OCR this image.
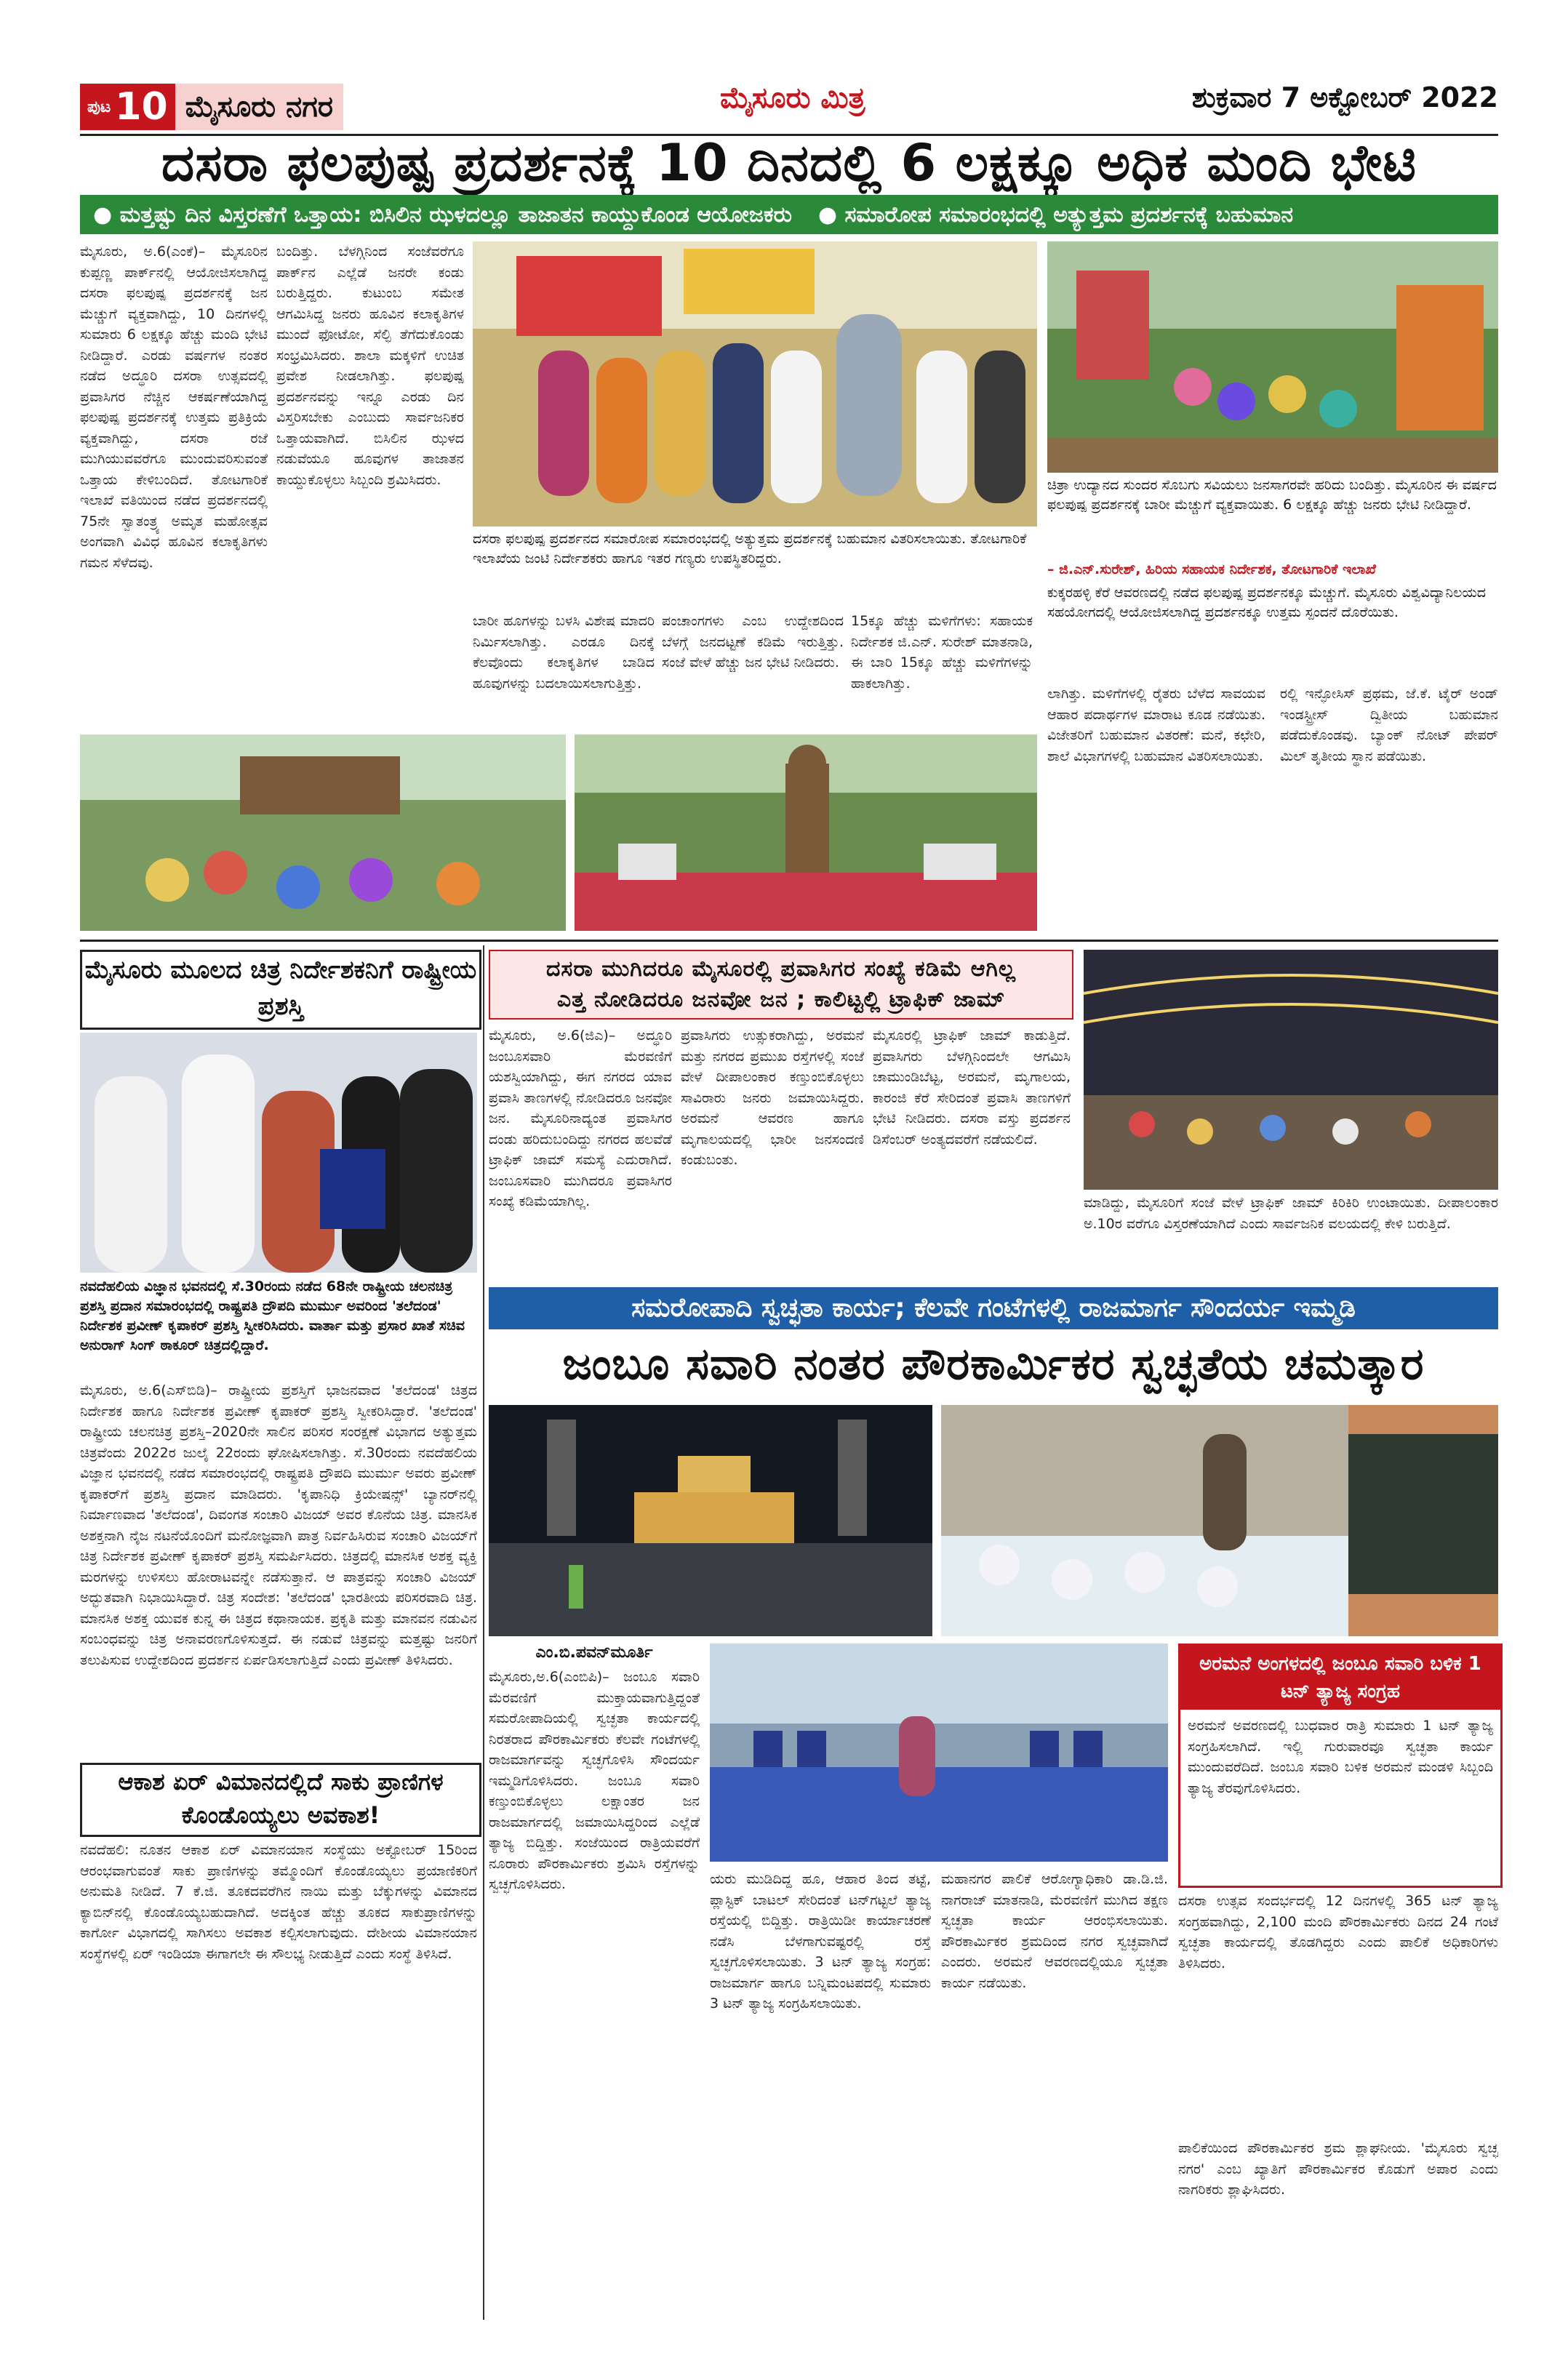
ಪುಟ 10 ಮೈಸೂರು ನಗರ	ಮೈಸೂರು ಮಿತ್ರ	ಶುಕ್ರವಾರ 7 ಅಕ್ಟೋಬರ್ 2022
ದಸರಾ ಫಲಪುಷ್ಪ ಪ್ರದರ್ಶನಕ್ಕೆ 10 ದಿನದಲ್ಲಿ 6 ಲಕ್ಷಕ್ಕೂ ಅಧಿಕ ಮಂದಿ ಭೇಟಿ
● ಮತ್ತಷ್ಟು ದಿನ ವಿಸ್ತರಣೆಗೆ ಒತ್ತಾಯ: ಬಿಸಿಲಿನ ಝಳದಲ್ಲೂ ತಾಜಾತನ ಕಾಯ್ದುಕೊಂಡ ಆಯೋಜಕರು	● ಸಮಾರೋಪ ಸಮಾರಂಭದಲ್ಲಿ ಅತ್ಯುತ್ತಮ ಪ್ರದರ್ಶನಕ್ಕೆ ಬಹುಮಾನ
ಮೈಸೂರು, ಅ.6(ಎಂಕೆ)– ಮೈಸೂರಿನ ಕುಪ್ಪಣ್ಣ ಪಾರ್ಕ್‌ನಲ್ಲಿ ಆಯೋಜಿಸಲಾಗಿದ್ದ ದಸರಾ ಫಲಪುಷ್ಪ ಪ್ರದರ್ಶನಕ್ಕೆ ಜನ ಮೆಚ್ಚುಗೆ ವ್ಯಕ್ತವಾಗಿದ್ದು, 10 ದಿನಗಳಲ್ಲಿ ಸುಮಾರು 6 ಲಕ್ಷಕ್ಕೂ ಹೆಚ್ಚು ಮಂದಿ ಭೇಟಿ ನೀಡಿದ್ದಾರೆ. ಎರಡು ವರ್ಷಗಳ ನಂತರ ನಡೆದ ಅದ್ಧೂರಿ ದಸರಾ ಉತ್ಸವದಲ್ಲಿ ಪ್ರವಾಸಿಗರ ನೆಚ್ಚಿನ ಆಕರ್ಷಣೆಯಾಗಿದ್ದ ಫಲಪುಷ್ಪ ಪ್ರದರ್ಶನಕ್ಕೆ ಉತ್ತಮ ಪ್ರತಿಕ್ರಿಯೆ ವ್ಯಕ್ತವಾಗಿದ್ದು, ದಸರಾ ರಜೆ ಮುಗಿಯುವವರೆಗೂ ಮುಂದುವರಿಸುವಂತೆ ಒತ್ತಾಯ ಕೇಳಿಬಂದಿದೆ. ತೋಟಗಾರಿಕೆ ಇಲಾಖೆ ವತಿಯಿಂದ ನಡೆದ ಪ್ರದರ್ಶನದಲ್ಲಿ 75ನೇ ಸ್ವಾತಂತ್ರ್ಯ ಅಮೃತ ಮಹೋತ್ಸವ ಅಂಗವಾಗಿ ವಿವಿಧ ಹೂವಿನ ಕಲಾಕೃತಿಗಳು ಗಮನ ಸೆಳೆದವು.
ಬಂದಿತ್ತು. ಬೆಳಗ್ಗಿನಿಂದ ಸಂಜೆವರೆಗೂ ಪಾರ್ಕ್‌ನ ಎಲ್ಲೆಡೆ ಜನರೇ ಕಂಡು ಬರುತ್ತಿದ್ದರು. ಕುಟುಂಬ ಸಮೇತ ಆಗಮಿಸಿದ್ದ ಜನರು ಹೂವಿನ ಕಲಾಕೃತಿಗಳ ಮುಂದೆ ಫೋಟೋ, ಸೆಲ್ಫಿ ತೆಗೆದುಕೊಂಡು ಸಂಭ್ರಮಿಸಿದರು. ಶಾಲಾ ಮಕ್ಕಳಿಗೆ ಉಚಿತ ಪ್ರವೇಶ ನೀಡಲಾಗಿತ್ತು. ಫಲಪುಷ್ಪ ಪ್ರದರ್ಶನವನ್ನು ಇನ್ನೂ ಎರಡು ದಿನ ವಿಸ್ತರಿಸಬೇಕು ಎಂಬುದು ಸಾರ್ವಜನಿಕರ ಒತ್ತಾಯವಾಗಿದೆ. ಬಿಸಿಲಿನ ಝಳದ ನಡುವೆಯೂ ಹೂವುಗಳ ತಾಜಾತನ ಕಾಯ್ದುಕೊಳ್ಳಲು ಸಿಬ್ಬಂದಿ ಶ್ರಮಿಸಿದರು.	ಚಿತ್ರಾ ಉದ್ಯಾನದ ಸುಂದರ ಸೊಬಗು ಸವಿಯಲು ಜನಸಾಗರವೇ ಹರಿದು ಬಂದಿತ್ತು. ಮೈಸೂರಿನ ಈ ವರ್ಷದ ಫಲಪುಷ್ಪ ಪ್ರದರ್ಶನಕ್ಕೆ ಬಾರೀ ಮೆಚ್ಚುಗೆ ವ್ಯಕ್ತವಾಯಿತು. 6 ಲಕ್ಷಕ್ಕೂ ಹೆಚ್ಚು ಜನರು ಭೇಟಿ ನೀಡಿದ್ದಾರೆ.
– ಜಿ.ಎನ್.ಸುರೇಶ್, ಹಿರಿಯ ಸಹಾಯಕ ನಿರ್ದೇಶಕ, ತೋಟಗಾರಿಕೆ ಇಲಾಖೆ
ಕುಕ್ಕರಹಳ್ಳಿ ಕೆರೆ ಆವರಣದಲ್ಲಿ ನಡೆದ ಫಲಪುಷ್ಪ ಪ್ರದರ್ಶನಕ್ಕೂ ಮೆಚ್ಚುಗೆ. ಮೈಸೂರು ವಿಶ್ವವಿದ್ಯಾನಿಲಯದ ಸಹಯೋಗದಲ್ಲಿ ಆಯೋಜಿಸಲಾಗಿದ್ದ ಪ್ರದರ್ಶನಕ್ಕೂ ಉತ್ತಮ ಸ್ಪಂದನೆ ದೊರೆಯಿತು.
ದಸರಾ ಫಲಪುಷ್ಪ ಪ್ರದರ್ಶನದ ಸಮಾರೋಪ ಸಮಾರಂಭದಲ್ಲಿ ಅತ್ಯುತ್ತಮ ಪ್ರದರ್ಶನಕ್ಕೆ ಬಹುಮಾನ ವಿತರಿಸಲಾಯಿತು. ತೋಟಗಾರಿಕೆ ಇಲಾಖೆಯ ಜಂಟಿ ನಿರ್ದೇಶಕರು ಹಾಗೂ ಇತರ ಗಣ್ಯರು ಉಪಸ್ಥಿತರಿದ್ದರು.
ಬಾರೀ ಹೂಗಳನ್ನು ಬಳಸಿ ವಿಶೇಷ ಮಾದರಿ ನಿರ್ಮಿಸಲಾಗಿತ್ತು. ಎರಡೂ ದಿನಕ್ಕೆ ಕೆಲವೊಂದು ಕಲಾಕೃತಿಗಳ ಬಾಡಿದ ಹೂವುಗಳನ್ನು ಬದಲಾಯಿಸಲಾಗುತ್ತಿತ್ತು.
ಪಂಚಾಂಗಗಳು ಎಂಬ ಉದ್ದೇಶದಿಂದ ಬೆಳಗ್ಗೆ ಜನದಟ್ಟಣೆ ಕಡಿಮೆ ಇರುತ್ತಿತ್ತು. ಸಂಜೆ ವೇಳೆ ಹೆಚ್ಚು ಜನ ಭೇಟಿ ನೀಡಿದರು.
15ಕ್ಕೂ ಹೆಚ್ಚು ಮಳಿಗೆಗಳು: ಸಹಾಯಕ ನಿರ್ದೇಶಕ ಜಿ.ಎನ್. ಸುರೇಶ್ ಮಾತನಾಡಿ, ಈ ಬಾರಿ 15ಕ್ಕೂ ಹೆಚ್ಚು ಮಳಿಗೆಗಳನ್ನು ಹಾಕಲಾಗಿತ್ತು.
ಲಾಗಿತ್ತು. ಮಳಿಗೆಗಳಲ್ಲಿ ರೈತರು ಬೆಳೆದ ಸಾವಯವ ಆಹಾರ ಪದಾರ್ಥಗಳ ಮಾರಾಟ ಕೂಡ ನಡೆಯಿತು. ವಿಜೇತರಿಗೆ ಬಹುಮಾನ ವಿತರಣೆ: ಮನೆ, ಕಛೇರಿ, ಶಾಲೆ ವಿಭಾಗಗಳಲ್ಲಿ ಬಹುಮಾನ ವಿತರಿಸಲಾಯಿತು.
ರಲ್ಲಿ ಇನ್ಫೋಸಿಸ್ ಪ್ರಥಮ, ಜೆ.ಕೆ. ಟೈರ್ ಅಂಡ್ ಇಂಡಸ್ಟ್ರೀಸ್ ದ್ವಿತೀಯ ಬಹುಮಾನ ಪಡೆದುಕೊಂಡವು. ಬ್ಯಾಂಕ್ ನೋಟ್ ಪೇಪರ್ ಮಿಲ್ ತೃತೀಯ ಸ್ಥಾನ ಪಡೆಯಿತು.
ಮೈಸೂರು ಮೂಲದ ಚಿತ್ರ ನಿರ್ದೇಶಕನಿಗೆ ರಾಷ್ಟ್ರೀಯ ಪ್ರಶಸ್ತಿ
ನವದೆಹಲಿಯ ವಿಜ್ಞಾನ ಭವನದಲ್ಲಿ ಸೆ.30ರಂದು ನಡೆದ 68ನೇ ರಾಷ್ಟ್ರೀಯ ಚಲನಚಿತ್ರ ಪ್ರಶಸ್ತಿ ಪ್ರದಾನ ಸಮಾರಂಭದಲ್ಲಿ ರಾಷ್ಟ್ರಪತಿ ದ್ರೌಪದಿ ಮುರ್ಮು ಅವರಿಂದ 'ತಲೆದಂಡ' ನಿರ್ದೇಶಕ ಪ್ರವೀಣ್ ಕೃಪಾಕರ್ ಪ್ರಶಸ್ತಿ ಸ್ವೀಕರಿಸಿದರು. ವಾರ್ತಾ ಮತ್ತು ಪ್ರಸಾರ ಖಾತೆ ಸಚಿವ ಅನುರಾಗ್ ಸಿಂಗ್ ಠಾಕೂರ್ ಚಿತ್ರದಲ್ಲಿದ್ದಾರೆ.
ಮೈಸೂರು, ಅ.6(ಎಸ್‌ಬಿಡಿ)– ರಾಷ್ಟ್ರೀಯ ಪ್ರಶಸ್ತಿಗೆ ಭಾಜನವಾದ 'ತಲೆದಂಡ' ಚಿತ್ರದ ನಿರ್ದೇಶಕ ಹಾಗೂ ನಿರ್ದೇಶಕ ಪ್ರವೀಣ್ ಕೃಪಾಕರ್ ಪ್ರಶಸ್ತಿ ಸ್ವೀಕರಿಸಿದ್ದಾರೆ. 'ತಲೆದಂಡ' ರಾಷ್ಟ್ರೀಯ ಚಲನಚಿತ್ರ ಪ್ರಶಸ್ತಿ–2020ನೇ ಸಾಲಿನ ಪರಿಸರ ಸಂರಕ್ಷಣೆ ವಿಭಾಗದ ಅತ್ಯುತ್ತಮ ಚಿತ್ರವೆಂದು 2022ರ ಜುಲೈ 22ರಂದು ಘೋಷಿಸಲಾಗಿತ್ತು. ಸೆ.30ರಂದು ನವದೆಹಲಿಯ ವಿಜ್ಞಾನ ಭವನದಲ್ಲಿ ನಡೆದ ಸಮಾರಂಭದಲ್ಲಿ ರಾಷ್ಟ್ರಪತಿ ದ್ರೌಪದಿ ಮುರ್ಮು ಅವರು ಪ್ರವೀಣ್ ಕೃಪಾಕರ್‌ಗೆ ಪ್ರಶಸ್ತಿ ಪ್ರದಾನ ಮಾಡಿದರು. 'ಕೃಪಾನಿಧಿ ಕ್ರಿಯೇಷನ್ಸ್' ಬ್ಯಾನರ್‌ನಲ್ಲಿ ನಿರ್ಮಾಣವಾದ 'ತಲೆದಂಡ', ದಿವಂಗತ ಸಂಚಾರಿ ವಿಜಯ್ ಅವರ ಕೊನೆಯ ಚಿತ್ರ. ಮಾನಸಿಕ ಅಶಕ್ತನಾಗಿ ನೈಜ ನಟನೆಯೊಂದಿಗೆ ಮನೋಜ್ಞವಾಗಿ ಪಾತ್ರ ನಿರ್ವಹಿಸಿರುವ ಸಂಚಾರಿ ವಿಜಯ್‌ಗೆ ಚಿತ್ರ ನಿರ್ದೇಶಕ ಪ್ರವೀಣ್ ಕೃಪಾಕರ್ ಪ್ರಶಸ್ತಿ ಸಮರ್ಪಿಸಿದರು. ಚಿತ್ರದಲ್ಲಿ ಮಾನಸಿಕ ಅಶಕ್ತ ವ್ಯಕ್ತಿ ಮರಗಳನ್ನು ಉಳಿಸಲು ಹೋರಾಟವನ್ನೇ ನಡೆಸುತ್ತಾನೆ. ಆ ಪಾತ್ರವನ್ನು ಸಂಚಾರಿ ವಿಜಯ್ ಅದ್ಭುತವಾಗಿ ನಿಭಾಯಿಸಿದ್ದಾರೆ. ಚಿತ್ರ ಸಂದೇಶ: 'ತಲೆದಂಡ' ಭಾರತೀಯ ಪರಿಸರವಾದಿ ಚಿತ್ರ. ಮಾನಸಿಕ ಅಶಕ್ತ ಯುವಕ ಕುನ್ನ ಈ ಚಿತ್ರದ ಕಥಾನಾಯಕ. ಪ್ರಕೃತಿ ಮತ್ತು ಮಾನವನ ನಡುವಿನ ಸಂಬಂಧವನ್ನು ಚಿತ್ರ ಅನಾವರಣಗೊಳಿಸುತ್ತದೆ. ಈ ನಡುವೆ ಚಿತ್ರವನ್ನು ಮತ್ತಷ್ಟು ಜನರಿಗೆ ತಲುಪಿಸುವ ಉದ್ದೇಶದಿಂದ ಪ್ರದರ್ಶನ ಏರ್ಪಡಿಸಲಾಗುತ್ತಿದೆ ಎಂದು ಪ್ರವೀಣ್ ತಿಳಿಸಿದರು.
ದಸರಾ ಮುಗಿದರೂ ಮೈಸೂರಲ್ಲಿ ಪ್ರವಾಸಿಗರ ಸಂಖ್ಯೆ ಕಡಿಮೆ ಆಗಿಲ್ಲ
ಎತ್ತ ನೋಡಿದರೂ ಜನವೋ ಜನ ; ಕಾಲಿಟ್ಟಲ್ಲಿ ಟ್ರಾಫಿಕ್ ಜಾಮ್
ಮೈಸೂರು, ಅ.6(ಜಿಎ)– ಅದ್ಧೂರಿ ಜಂಬೂಸವಾರಿ ಮೆರವಣಿಗೆ ಯಶಸ್ವಿಯಾಗಿದ್ದು, ಈಗ ನಗರದ ಯಾವ ಪ್ರವಾಸಿ ತಾಣಗಳಲ್ಲಿ ನೋಡಿದರೂ ಜನವೋ ಜನ. ಮೈಸೂರಿನಾದ್ಯಂತ ಪ್ರವಾಸಿಗರ ದಂಡು ಹರಿದುಬಂದಿದ್ದು ನಗರದ ಹಲವೆಡೆ ಟ್ರಾಫಿಕ್ ಜಾಮ್ ಸಮಸ್ಯೆ ಎದುರಾಗಿದೆ. ಜಂಬೂಸವಾರಿ ಮುಗಿದರೂ ಪ್ರವಾಸಿಗರ ಸಂಖ್ಯೆ ಕಡಿಮೆಯಾಗಿಲ್ಲ.
ಪ್ರವಾಸಿಗರು ಉತ್ಸುಕರಾಗಿದ್ದು, ಅರಮನೆ ಮತ್ತು ನಗರದ ಪ್ರಮುಖ ರಸ್ತೆಗಳಲ್ಲಿ ಸಂಜೆ ವೇಳೆ ದೀಪಾಲಂಕಾರ ಕಣ್ತುಂಬಿಕೊಳ್ಳಲು ಸಾವಿರಾರು ಜನರು ಜಮಾಯಿಸಿದ್ದರು. ಅರಮನೆ ಆವರಣ ಹಾಗೂ ಮೃಗಾಲಯದಲ್ಲಿ ಭಾರೀ ಜನಸಂದಣಿ ಕಂಡುಬಂತು.
ಮೈಸೂರಲ್ಲಿ ಟ್ರಾಫಿಕ್ ಜಾಮ್ ಕಾಡುತ್ತಿದೆ. ಪ್ರವಾಸಿಗರು ಬೆಳಗ್ಗಿನಿಂದಲೇ ಆಗಮಿಸಿ ಚಾಮುಂಡಿಬೆಟ್ಟ, ಅರಮನೆ, ಮೃಗಾಲಯ, ಕಾರಂಜಿ ಕೆರೆ ಸೇರಿದಂತೆ ಪ್ರವಾಸಿ ತಾಣಗಳಿಗೆ ಭೇಟಿ ನೀಡಿದರು. ದಸರಾ ವಸ್ತು ಪ್ರದರ್ಶನ ಡಿಸೆಂಬರ್ ಅಂತ್ಯದವರೆಗೆ ನಡೆಯಲಿದೆ.
ಮಾಡಿದ್ದು, ಮೈಸೂರಿಗೆ ಸಂಜೆ ವೇಳೆ ಟ್ರಾಫಿಕ್ ಜಾಮ್ ಕಿರಿಕಿರಿ ಉಂಟಾಯಿತು. ದೀಪಾಲಂಕಾರ ಅ.10ರ ವರೆಗೂ ವಿಸ್ತರಣೆಯಾಗಿದೆ ಎಂದು ಸಾರ್ವಜನಿಕ ವಲಯದಲ್ಲಿ ಕೇಳಿ ಬರುತ್ತಿದೆ.
ಸಮರೋಪಾದಿ ಸ್ವಚ್ಛತಾ ಕಾರ್ಯ; ಕೆಲವೇ ಗಂಟೆಗಳಲ್ಲಿ ರಾಜಮಾರ್ಗ ಸೌಂದರ್ಯ ಇಮ್ಮಡಿ
ಜಂಬೂ ಸವಾರಿ ನಂತರ ಪೌರಕಾರ್ಮಿಕರ ಸ್ವಚ್ಛತೆಯ ಚಮತ್ಕಾರ
ಎಂ.ಬಿ.ಪವನ್‌ಮೂರ್ತಿ
ಮೈಸೂರು,ಅ.6(ಎಂಬಿಪಿ)– ಜಂಬೂ ಸವಾರಿ ಮೆರವಣಿಗೆ ಮುಕ್ತಾಯವಾಗುತ್ತಿದ್ದಂತೆ ಸಮರೋಪಾದಿಯಲ್ಲಿ ಸ್ವಚ್ಛತಾ ಕಾರ್ಯದಲ್ಲಿ ನಿರತರಾದ ಪೌರಕಾರ್ಮಿಕರು ಕೆಲವೇ ಗಂಟೆಗಳಲ್ಲಿ ರಾಜಮಾರ್ಗವನ್ನು ಸ್ವಚ್ಛಗೊಳಿಸಿ ಸೌಂದರ್ಯ ಇಮ್ಮಡಿಗೊಳಿಸಿದರು. ಜಂಬೂ ಸವಾರಿ ಕಣ್ತುಂಬಿಕೊಳ್ಳಲು ಲಕ್ಷಾಂತರ ಜನ ರಾಜಮಾರ್ಗದಲ್ಲಿ ಜಮಾಯಿಸಿದ್ದರಿಂದ ಎಲ್ಲೆಡೆ ತ್ಯಾಜ್ಯ ಬಿದ್ದಿತ್ತು. ಸಂಜೆಯಿಂದ ರಾತ್ರಿಯವರೆಗೆ ನೂರಾರು ಪೌರಕಾರ್ಮಿಕರು ಶ್ರಮಿಸಿ ರಸ್ತೆಗಳನ್ನು ಸ್ವಚ್ಛಗೊಳಿಸಿದರು.	ಯರು ಮುಡಿದಿದ್ದ ಹೂ, ಆಹಾರ ತಿಂದ ತಟ್ಟೆ, ಪ್ಲಾಸ್ಟಿಕ್ ಬಾಟಲ್ ಸೇರಿದಂತೆ ಟನ್‌ಗಟ್ಟಲೆ ತ್ಯಾಜ್ಯ ರಸ್ತೆಯಲ್ಲಿ ಬಿದ್ದಿತ್ತು. ರಾತ್ರಿಯಿಡೀ ಕಾರ್ಯಾಚರಣೆ ನಡೆಸಿ ಬೆಳಗಾಗುವಷ್ಟರಲ್ಲಿ ರಸ್ತೆ ಸ್ವಚ್ಛಗೊಳಿಸಲಾಯಿತು. 3 ಟನ್ ತ್ಯಾಜ್ಯ ಸಂಗ್ರಹ: ರಾಜಮಾರ್ಗ ಹಾಗೂ ಬನ್ನಿಮಂಟಪದಲ್ಲಿ ಸುಮಾರು 3 ಟನ್ ತ್ಯಾಜ್ಯ ಸಂಗ್ರಹಿಸಲಾಯಿತು.
ಮಹಾನಗರ ಪಾಲಿಕೆ ಆರೋಗ್ಯಾಧಿಕಾರಿ ಡಾ.ಡಿ.ಜಿ. ನಾಗರಾಜ್ ಮಾತನಾಡಿ, ಮೆರವಣಿಗೆ ಮುಗಿದ ತಕ್ಷಣ ಸ್ವಚ್ಛತಾ ಕಾರ್ಯ ಆರಂಭಿಸಲಾಯಿತು. ಪೌರಕಾರ್ಮಿಕರ ಶ್ರಮದಿಂದ ನಗರ ಸ್ವಚ್ಛವಾಗಿದೆ ಎಂದರು. ಅರಮನೆ ಆವರಣದಲ್ಲಿಯೂ ಸ್ವಚ್ಛತಾ ಕಾರ್ಯ ನಡೆಯಿತು.
ಅರಮನೆ ಅಂಗಳದಲ್ಲಿ ಜಂಬೂ ಸವಾರಿ ಬಳಿಕ 1 ಟನ್ ತ್ಯಾಜ್ಯ ಸಂಗ್ರಹ
ಅರಮನೆ ಅವರಣದಲ್ಲಿ ಬುಧವಾರ ರಾತ್ರಿ ಸುಮಾರು 1 ಟನ್ ತ್ಯಾಜ್ಯ ಸಂಗ್ರಹಿಸಲಾಗಿದೆ. ಇಲ್ಲಿ ಗುರುವಾರವೂ ಸ್ವಚ್ಛತಾ ಕಾರ್ಯ ಮುಂದುವರೆದಿದೆ. ಜಂಬೂ ಸವಾರಿ ಬಳಿಕ ಅರಮನೆ ಮಂಡಳಿ ಸಿಬ್ಬಂದಿ ತ್ಯಾಜ್ಯ ತೆರವುಗೊಳಿಸಿದರು.
ದಸರಾ ಉತ್ಸವ ಸಂದರ್ಭದಲ್ಲಿ 12 ದಿನಗಳಲ್ಲಿ 365 ಟನ್ ತ್ಯಾಜ್ಯ ಸಂಗ್ರಹವಾಗಿದ್ದು, 2,100 ಮಂದಿ ಪೌರಕಾರ್ಮಿಕರು ದಿನದ 24 ಗಂಟೆ ಸ್ವಚ್ಛತಾ ಕಾರ್ಯದಲ್ಲಿ ತೊಡಗಿದ್ದರು ಎಂದು ಪಾಲಿಕೆ ಅಧಿಕಾರಿಗಳು ತಿಳಿಸಿದರು.
ಪಾಲಿಕೆಯಿಂದ ಪೌರಕಾರ್ಮಿಕರ ಶ್ರಮ ಶ್ಲಾಘನೀಯ. 'ಮೈಸೂರು ಸ್ವಚ್ಛ ನಗರ' ಎಂಬ ಖ್ಯಾತಿಗೆ ಪೌರಕಾರ್ಮಿಕರ ಕೊಡುಗೆ ಅಪಾರ ಎಂದು ನಾಗರಿಕರು ಶ್ಲಾಘಿಸಿದರು.
ಆಕಾಶ ಏರ್ ವಿಮಾನದಲ್ಲಿದೆ ಸಾಕು ಪ್ರಾಣಿಗಳ ಕೊಂಡೊಯ್ಯಲು ಅವಕಾಶ!
ನವದೆಹಲಿ: ನೂತನ ಆಕಾಶ ಏರ್ ವಿಮಾನಯಾನ ಸಂಸ್ಥೆಯು ಅಕ್ಟೋಬರ್ 15ರಿಂದ ಆರಂಭವಾಗುವಂತೆ ಸಾಕು ಪ್ರಾಣಿಗಳನ್ನು ತಮ್ಮೊಂದಿಗೆ ಕೊಂಡೊಯ್ಯಲು ಪ್ರಯಾಣಿಕರಿಗೆ ಅನುಮತಿ ನೀಡಿದೆ. 7 ಕೆ.ಜಿ. ತೂಕದವರೆಗಿನ ನಾಯಿ ಮತ್ತು ಬೆಕ್ಕುಗಳನ್ನು ವಿಮಾನದ ಕ್ಯಾಬಿನ್‌ನಲ್ಲಿ ಕೊಂಡೊಯ್ಯಬಹುದಾಗಿದೆ. ಅದಕ್ಕಿಂತ ಹೆಚ್ಚು ತೂಕದ ಸಾಕುಪ್ರಾಣಿಗಳನ್ನು ಕಾರ್ಗೋ ವಿಭಾಗದಲ್ಲಿ ಸಾಗಿಸಲು ಅವಕಾಶ ಕಲ್ಪಿಸಲಾಗುವುದು. ದೇಶೀಯ ವಿಮಾನಯಾನ ಸಂಸ್ಥೆಗಳಲ್ಲಿ ಏರ್ ಇಂಡಿಯಾ ಈಗಾಗಲೇ ಈ ಸೌಲಭ್ಯ ನೀಡುತ್ತಿದೆ ಎಂದು ಸಂಸ್ಥೆ ತಿಳಿಸಿದೆ.
